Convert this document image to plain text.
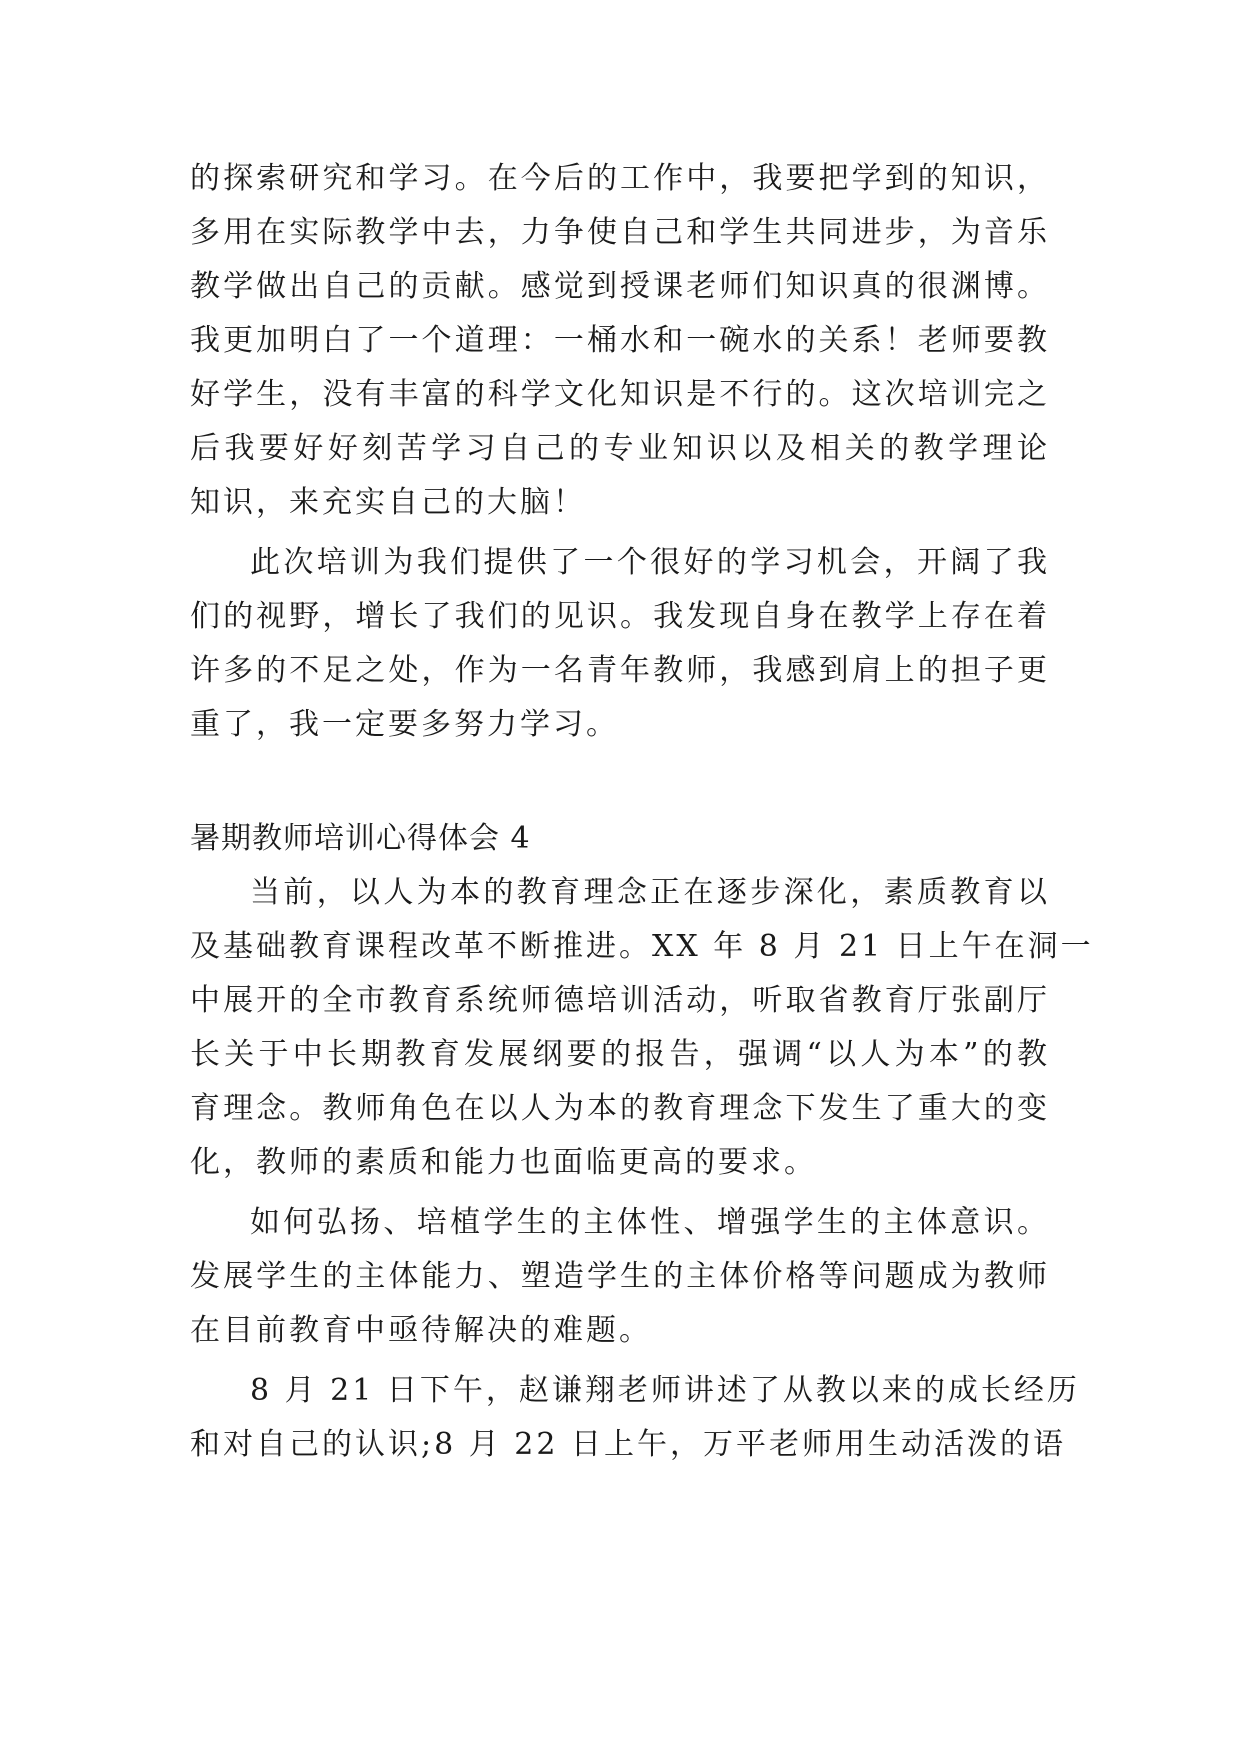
的探索研究和学习。在今后的工作中，我要把学到的知识，
多用在实际教学中去，力争使自己和学生共同进步，为音乐
教学做出自己的贡献。感觉到授课老师们知识真的很渊博。
我更加明白了一个道理：一桶水和一碗水的关系！老师要教
好学生，没有丰富的科学文化知识是不行的。这次培训完之
后我要好好刻苦学习自己的专业知识以及相关的教学理论
知识，来充实自己的大脑！
此次培训为我们提供了一个很好的学习机会，开阔了我
们的视野，增长了我们的见识。我发现自身在教学上存在着
许多的不足之处，作为一名青年教师，我感到肩上的担子更
重了，我一定要多努力学习。
暑期教师培训心得体会 4
当前，以人为本的教育理念正在逐步深化，素质教育以
及基础教育课程改革不断推进。XX 年 8 月 21 日上午在洞一
中展开的全市教育系统师德培训活动，听取省教育厅张副厅
长关于中长期教育发展纲要的报告，强调“以人为本”的教
育理念。教师角色在以人为本的教育理念下发生了重大的变
化，教师的素质和能力也面临更高的要求。
如何弘扬、培植学生的主体性、增强学生的主体意识。
发展学生的主体能力、塑造学生的主体价格等问题成为教师
在目前教育中亟待解决的难题。
8 月 21 日下午，赵谦翔老师讲述了从教以来的成长经历
和对自己的认识;8 月 22 日上午，万平老师用生动活泼的语
